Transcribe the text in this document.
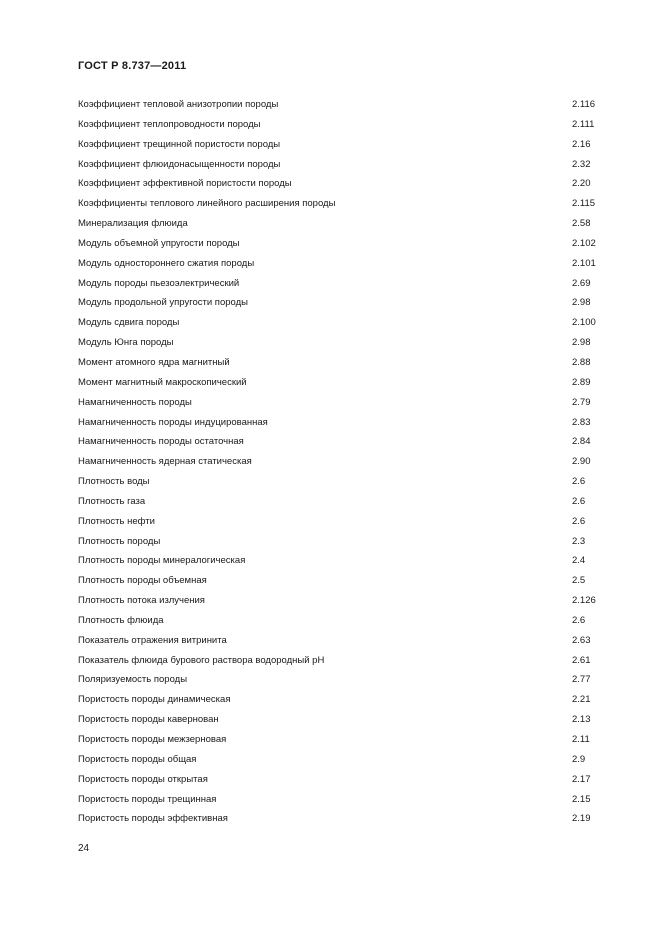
ГОСТ Р 8.737—2011
Коэффициент тепловой анизотропии породы	2.116
Коэффициент теплопроводности породы	2.111
Коэффициент трещинной пористости породы	2.16
Коэффициент флюидонасыщенности породы	2.32
Коэффициент эффективной пористости породы	2.20
Коэффициенты теплового линейного расширения породы	2.115
Минерализация флюида	2.58
Модуль объемной упругости породы	2.102
Модуль одностороннего сжатия породы	2.101
Модуль породы пьезоэлектрический	2.69
Модуль продольной упругости породы	2.98
Модуль сдвига породы	2.100
Модуль Юнга породы	2.98
Момент атомного ядра магнитный	2.88
Момент магнитный макроскопический	2.89
Намагниченность породы	2.79
Намагниченность породы индуцированная	2.83
Намагниченность породы остаточная	2.84
Намагниченность ядерная статическая	2.90
Плотность воды	2.6
Плотность газа	2.6
Плотность нефти	2.6
Плотность породы	2.3
Плотность породы минералогическая	2.4
Плотность породы объемная	2.5
Плотность потока излучения	2.126
Плотность флюида	2.6
Показатель отражения витринита	2.63
Показатель флюида бурового раствора водородный pH	2.61
Поляризуемость породы	2.77
Пористость породы динамическая	2.21
Пористость породы кавернован	2.13
Пористость породы межзерновая	2.11
Пористость породы общая	2.9
Пористость породы открытая	2.17
Пористость породы трещинная	2.15
Пористость породы эффективная	2.19
24
